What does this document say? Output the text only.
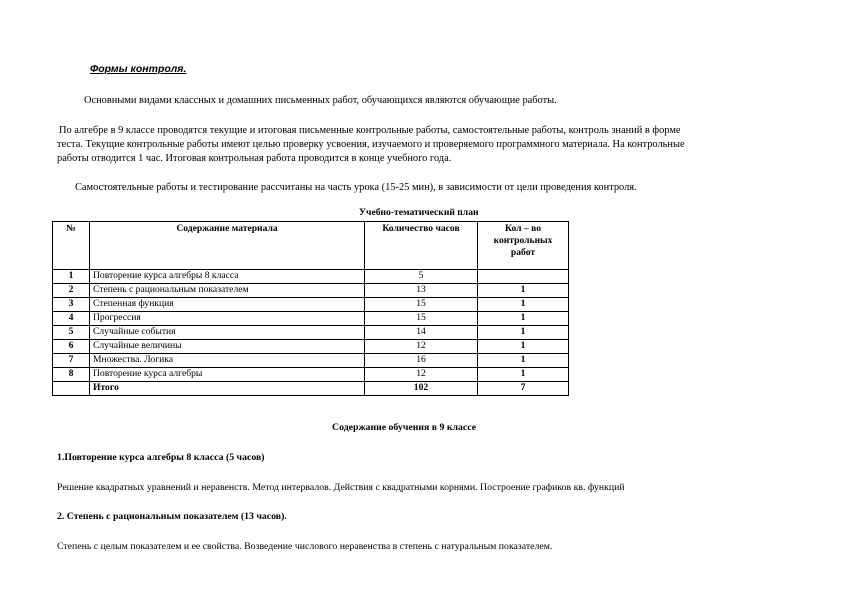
Формы контроля.
Основными видами классных и домашних письменных работ, обучающихся являются обучающие работы.
По алгебре в 9 классе проводятся текущие и итоговая письменные контрольные работы, самостоятельные работы, контроль знаний в форме
теста. Текущие контрольные работы имеют целью проверку усвоения, изучаемого и проверяемого программного материала. На контрольные
работы отводится 1 час. Итоговая контрольная работа проводится в конце учебного года.
Самостоятельные работы и тестирование рассчитаны на часть урока (15-25 мин), в зависимости от цели проведения контроля.
Учебно-тематический план
№	Содержание материала	Количество часов	Кол – во
контрольных
работ

1	Повторение курса алгебры 8 класса	5	
2	Степень с рациональным показателем	13	1
3	Степенная функция	15	1
4	Прогрессия	15	1
5	Случайные события	14	1
6	Случайные величины	12	1
7	Множества. Логика	16	1
8	Повторение курса алгебры	12	1
	Итого	102	7
Содержание обучения в 9 классе
1.Повторение курса алгебры 8 класса (5 часов)
Решение квадратных уравнений и неравенств. Метод интервалов. Действия с квадратными корнями. Построение графиков кв. функций
2. Степень с рациональным показателем (13 часов).
Степень с целым показателем и ее свойства. Возведение числового неравенства в степень с натуральным показателем.
